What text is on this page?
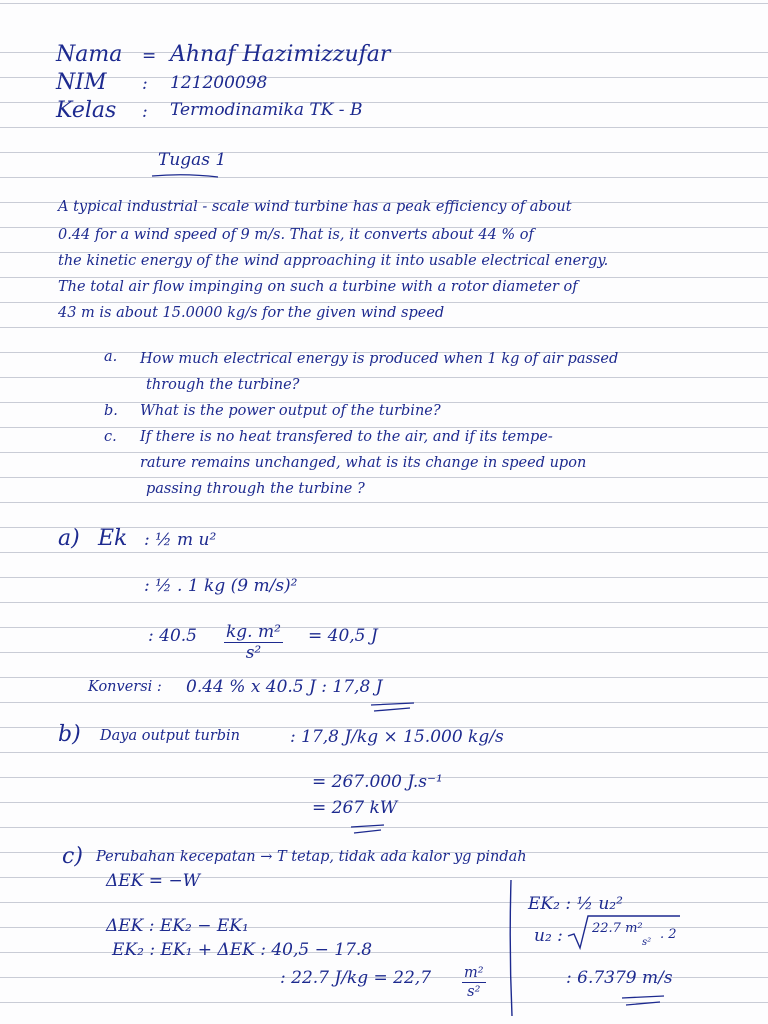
Nama = Ahnaf Hazimizzufar
NIM : 121200098
Kelas : Termodinamika TK - B
Tugas 1
A typical industrial - scale wind turbine has a peak efficiency of about
0.44 for a wind speed of 9 m/s. That is, it converts about 44 % of
the kinetic energy of the wind approaching it into usable electrical energy.
The total air flow impinging on such a turbine with a rotor diameter of
43 m is about 15.0000 kg/s for the given wind speed
a. How much electrical energy is produced when 1 kg of air passed
through the turbine?
b. What is the power output of the turbine?
c. If there is no heat transfered to the air, and if its tempe-
rature remains unchanged, what is its change in speed upon
passing through the turbine ?
a) Ek : ½ m u²
: ½ . 1 kg (9 m/s)²
: $40.5 \frac{\text{kg. m²}}{\text{s²}} = 40,5$ J
Konversi : 0.44 % x 40.5 J : 17,8 J
b) Daya output turbin	: 17,8 J/kg × 15.000 kg/s
= 267.000 J.s⁻¹
= 267 kW
c) Perubahan kecepatan → T tetap, tidak ada kalor yg pindah
ΔEK = −W
ΔEK : EK₂ − EK₁
EK₂ : EK₁ + ΔEK : 40,5 − 17.8
: 22.7 $J/kg = 22,7 \frac{\text{m²}}{\text{s²}}$
EK₂ : ½ u₂²
u₂ : 22.7 m²
s²
. 2
: 6.7379 m/s
